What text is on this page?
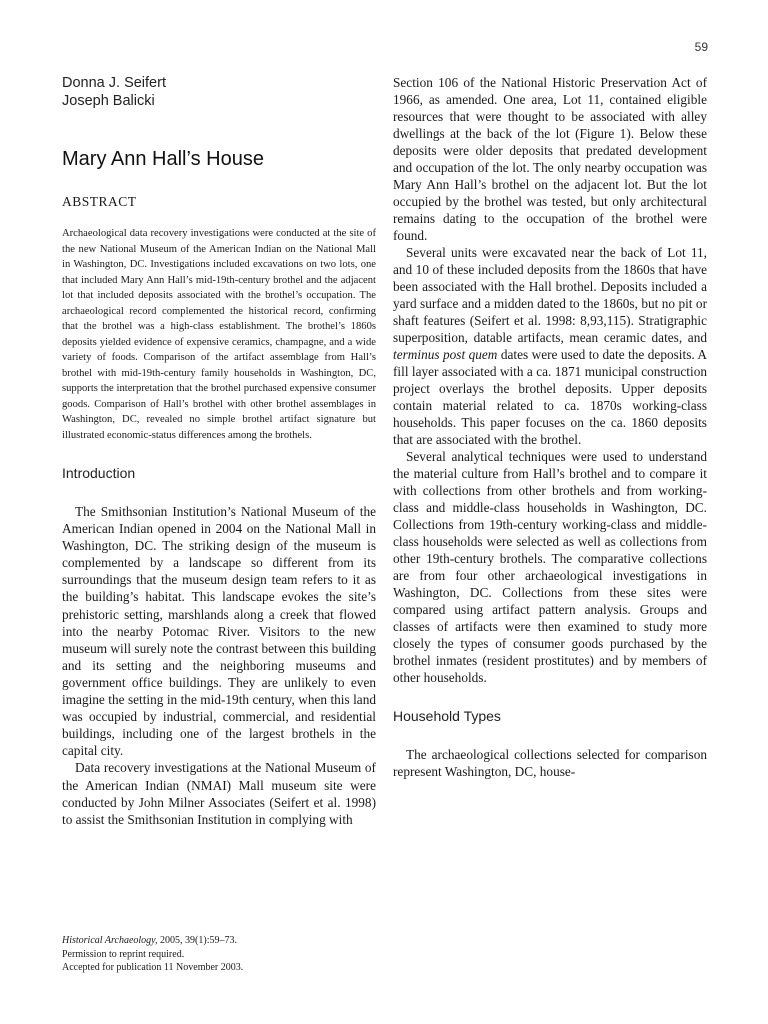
59
Donna J. Seifert
Joseph Balicki
Mary Ann Hall’s House
ABSTRACT

Archaeological data recovery investigations were conducted at the site of the new National Museum of the American Indian on the National Mall in Washington, DC. Investigations included excavations on two lots, one that included Mary Ann Hall’s mid-19th-century brothel and the adjacent lot that included deposits associated with the brothel’s occupation. The archaeological record complemented the historical record, confirming that the brothel was a high-class establishment. The brothel’s 1860s deposits yielded evidence of expensive ceramics, champagne, and a wide variety of foods. Comparison of the artifact assemblage from Hall’s brothel with mid-19th-century family households in Washington, DC, supports the interpretation that the brothel purchased expensive consumer goods. Comparison of Hall’s brothel with other brothel assemblages in Washington, DC, revealed no simple brothel artifact signature but illustrated economic-status differences among the brothels.

Introduction

The Smithsonian Institution’s National Museum of the American Indian opened in 2004 on the National Mall in Washington, DC. The striking design of the museum is complemented by a landscape so different from its surroundings that the museum design team refers to it as the building’s habitat. This landscape evokes the site’s prehistoric setting, marshlands along a creek that flowed into the nearby Potomac River. Visitors to the new museum will surely note the contrast between this building and its setting and the neighboring museums and government office buildings. They are unlikely to even imagine the setting in the mid-19th century, when this land was occupied by industrial, commercial, and residential buildings, including one of the largest brothels in the capital city.

Data recovery investigations at the National Museum of the American Indian (NMAI) Mall museum site were conducted by John Milner Associates (Seifert et al. 1998) to assist the Smithsonian Institution in complying with

Section 106 of the National Historic Preservation Act of 1966, as amended. One area, Lot 11, contained eligible resources that were thought to be associated with alley dwellings at the back of the lot (Figure 1). Below these deposits were older deposits that predated development and occupation of the lot. The only nearby occupation was Mary Ann Hall’s brothel on the adjacent lot. But the lot occupied by the brothel was tested, but only architectural remains dating to the occupation of the brothel were found.

Several units were excavated near the back of Lot 11, and 10 of these included deposits from the 1860s that have been associated with the Hall brothel. Deposits included a yard surface and a midden dated to the 1860s, but no pit or shaft features (Seifert et al. 1998: 8,93,115). Stratigraphic superposition, datable artifacts, mean ceramic dates, and terminus post quem dates were used to date the deposits. A fill layer associated with a ca. 1871 municipal construction project overlays the brothel deposits. Upper deposits contain material related to ca. 1870s working-class households. This paper focuses on the ca. 1860 deposits that are associated with the brothel.

Several analytical techniques were used to understand the material culture from Hall’s brothel and to compare it with collections from other brothels and from working-class and middle-class households in Washington, DC. Collections from 19th-century working-class and middle-class households were selected as well as collections from other 19th-century brothels. The comparative collections are from four other archaeological investigations in Washington, DC. Collections from these sites were compared using artifact pattern analysis. Groups and classes of artifacts were then examined to study more closely the types of consumer goods purchased by the brothel inmates (resident prostitutes) and by members of other households.

Household Types

The archaeological collections selected for comparison represent Washington, DC, house-

Historical Archaeology, 2005, 39(1):59–73.
Permission to reprint required.
Accepted for publication 11 November 2003.
